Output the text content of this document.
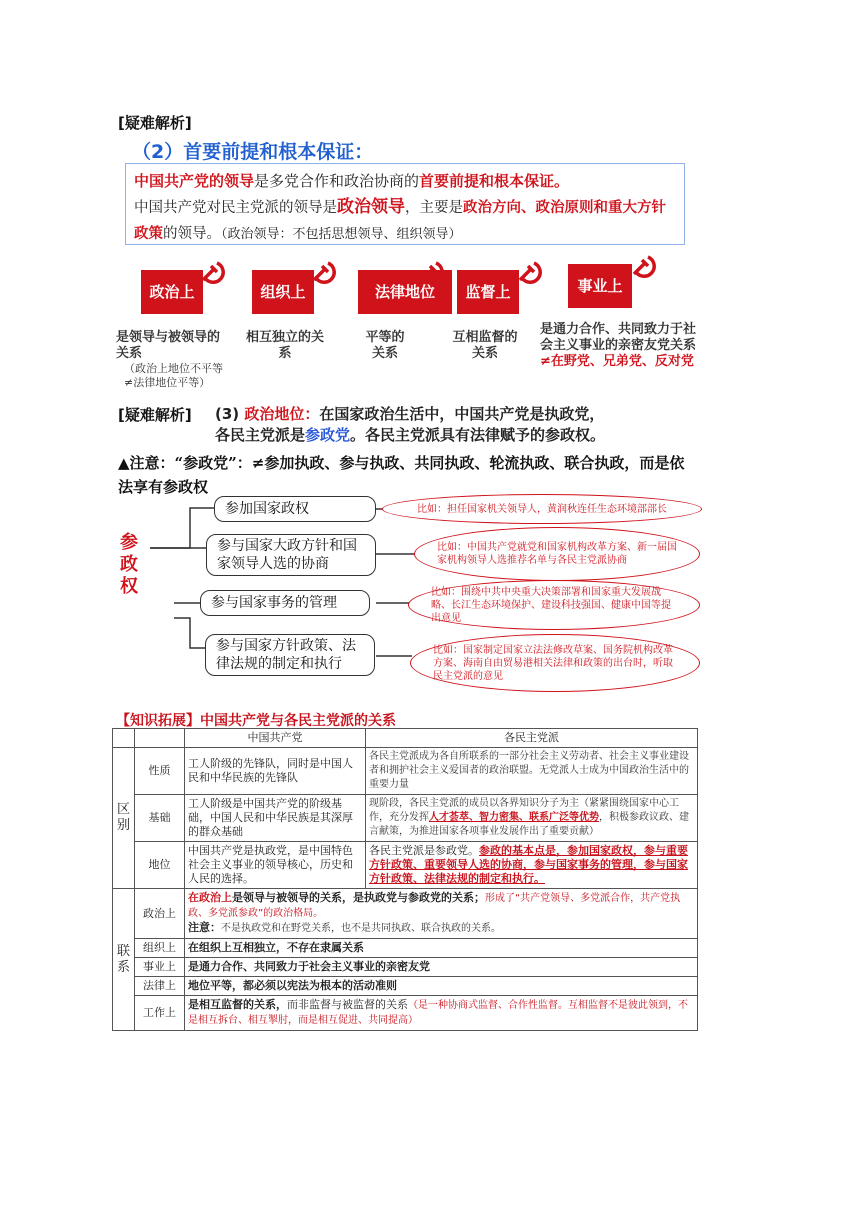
[疑难解析]
（2）首要前提和根本保证：
中国共产党的领导是多党合作和政治协商的首要前提和根本保证。
中国共产党对民主党派的领导是政治领导，主要是政治方向、政治原则和重大方针政策的领导。（政治领导：不包括思想领导、组织领导）
政治上	组织上	法律地位	监督上	事业上
是领导与被领导的关系
（政治上地位不平等≠法律地位平等）
相互独立的关系
平等的关系
互相监督的关系
是通力合作、共同致力于社会主义事业的亲密友党关系≠在野党、兄弟党、反对党
[疑难解析] (3) 政治地位：在国家政治生活中，中国共产党是执政党，
各民主党派是参政党。各民主党派具有法律赋予的参政权。
▲注意：“参政党”：≠参加执政、参与执政、共同执政、轮流执政、联合执政，而是依法享有参政权
参政权
参加国家政权
参与国家大政方针和国家领导人选的协商
参与国家事务的管理
参与国家方针政策、法律法规的制定和执行
比如：担任国家机关领导人，黄润秋连任生态环境部部长
比如：中国共产党就党和国家机构改革方案、新一届国家机构领导人选推荐名单与各民主党派协商
比如：围绕中共中央重大决策部署和国家重大发展战略、长江生态环境保护、建设科技强国、健康中国等提出意见
比如：国家制定国家立法法修改草案、国务院机构改革方案、海南自由贸易港相关法律和政策的出台时，听取民主党派的意见
【知识拓展】中国共产党与各民主党派的关系
		中国共产党	各民主党派
区别	性质	工人阶级的先锋队，同时是中国人民和中华民族的先锋队	各民主党派成为各自所联系的一部分社会主义劳动者、社会主义事业建设者和拥护社会主义爱国者的政治联盟。无党派人士成为中国政治生活中的重要力量
	基础	工人阶级是中国共产党的阶级基础，中国人民和中华民族是其深厚的群众基础	现阶段，各民主党派的成员以各界知识分子为主（紧紧围绕国家中心工作，充分发挥人才荟萃、智力密集、联系广泛等优势，积极参政议政、建言献策，为推进国家各项事业发展作出了重要贡献）
	地位	中国共产党是执政党，是中国特色社会主义事业的领导核心，历史和人民的选择。	各民主党派是参政党。参政的基本点是，参加国家政权，参与重要方针政策、重要领导人选的协商，参与国家事务的管理，参与国家方针政策、法律法规的制定和执行。
联系	政治上	在政治上是领导与被领导的关系，是执政党与参政党的关系；形成了“共产党领导、多党派合作，共产党执政、多党派参政”的政治格局。
注意：不是执政党和在野党关系，也不是共同执政、联合执政的关系。	
	组织上	在组织上互相独立，不存在隶属关系	
	事业上	是通力合作、共同致力于社会主义事业的亲密友党	
	法律上	地位平等，都必须以宪法为根本的活动准则	
	工作上	是相互监督的关系，而非监督与被监督的关系（是一种协商式监督、合作性监督。互相监督不是彼此领到，不是相互拆台、相互掣肘，而是相互促进、共同提高）	
